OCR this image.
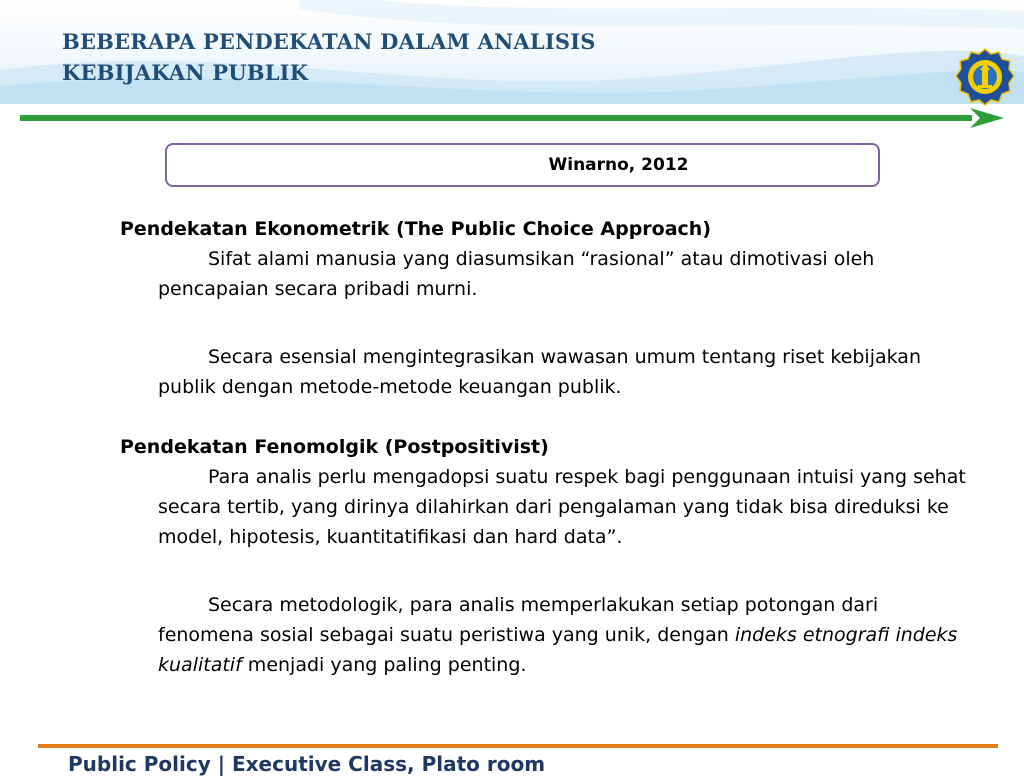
BEBERAPA PENDEKATAN DALAM ANALISIS
KEBIJAKAN PUBLIK
Winarno, 2012

Pendekatan Ekonometrik (The Public Choice Approach)

Sifat alami manusia yang diasumsikan “rasional” atau dimotivasi oleh pencapaian secara pribadi murni.

Secara esensial mengintegrasikan wawasan umum tentang riset kebijakan publik dengan metode-metode keuangan publik.

Pendekatan Fenomolgik (Postpositivist)

Para analis perlu mengadopsi suatu respek bagi penggunaan intuisi yang sehat secara tertib, yang dirinya dilahirkan dari pengalaman yang tidak bisa direduksi ke model, hipotesis, kuantitatifikasi dan hard data”.

Secara metodologik, para analis memperlakukan setiap potongan dari fenomena sosial sebagai suatu peristiwa yang unik, dengan indeks etnografi indeks kualitatif menjadi yang paling penting.

Public Policy | Executive Class, Plato room
